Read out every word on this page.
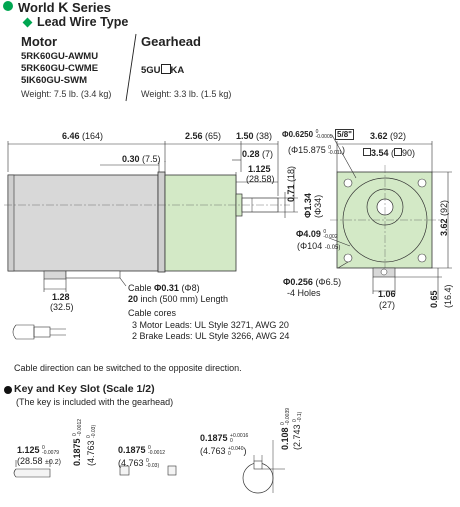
World K Series
Lead Wire Type
Motor	Gearhead
5RK60GU-AWMU
5RK60GU-CWME
5IK60GU-SWM
5GU KA
Weight: 7.5 lb. (3.4 kg)	Weight: 3.3 lb. (1.5 kg)
6.46 (164)	2.56 (65) 1.50 (38) Φ0.6250 0
-0.0005 5/8"
(Φ15.875 0
-0.011)
3.62 (92)
3.54 ( 90)
0.30 (7.5)	0.28 (7)
1.125
(28.58)
0.71 (18)
Φ1.34 (Φ34)
Φ4.09 0
-0.002
(Φ104 -0.05)
3.62 (92)
Φ0.256 (Φ6.5)
-4 Holes	1.06
(27)	0.65 (16.4)
1.28
(32.5)
Cable Φ0.31 (Φ8)
20 inch (500 mm) Length
Cable cores
3 Motor Leads: UL Style 3271, AWG 20
2 Brake Leads: UL Style 3266, AWG 24
Cable direction can be switched to the opposite direction.
Key and Key Slot (Scale 1/2)
(The key is included with the gearhead)
1.125 0
-0.0079
(28.58 ±0.2) 0.1875 0
-0.0012
(4.763 0
-0.03)
0.1875 0
-0.0012
(4.763 0
-0.03)
0.1875 +0.0016
0
(4.763 +0.040
0 )
0.108 0
-0.0039
(2.743 0
-0.1)
